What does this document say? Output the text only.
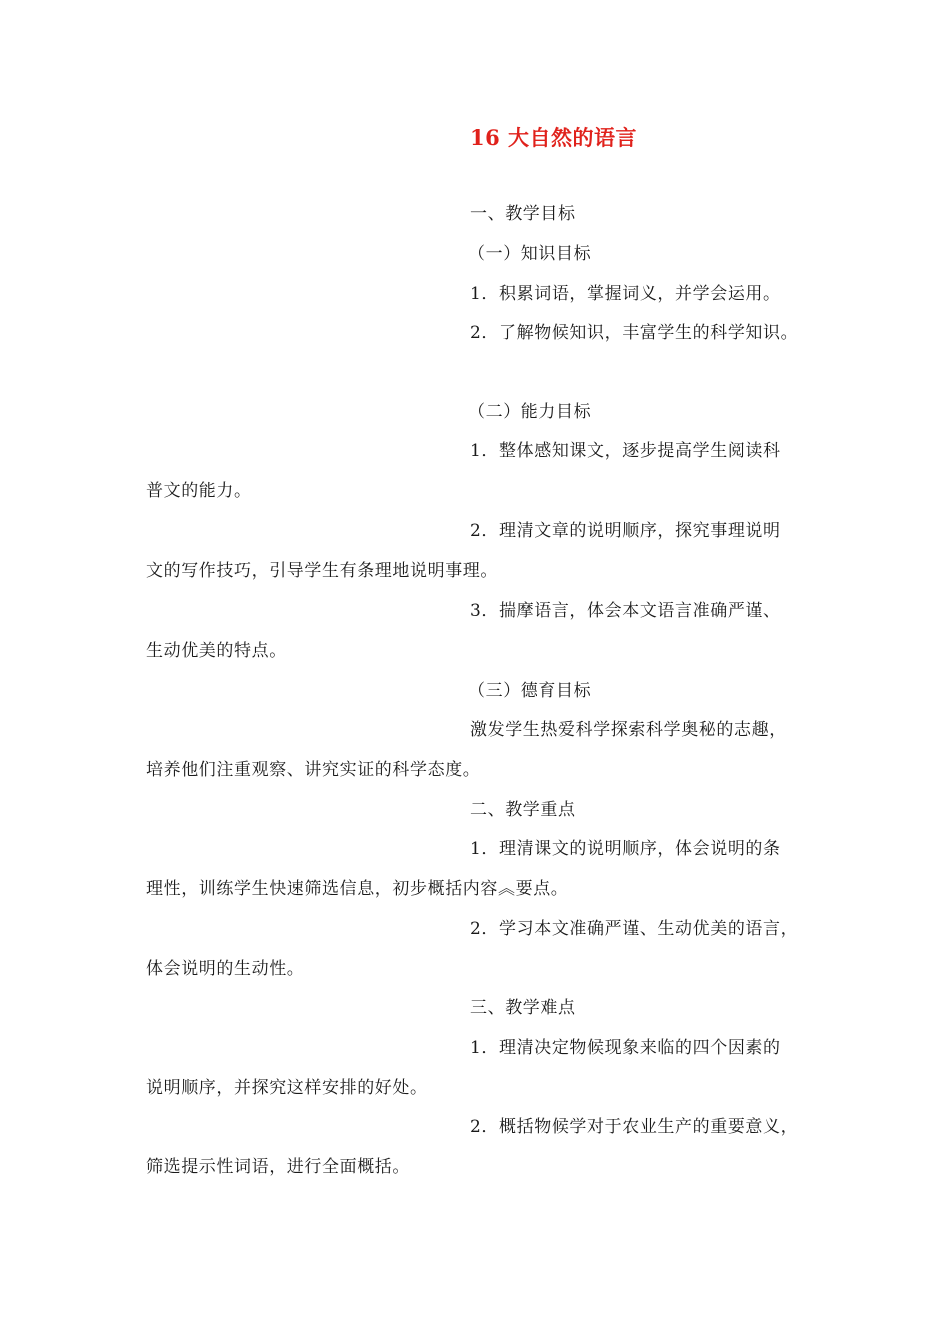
16 大自然的语言
一、教学目标
（一）知识目标
1．积累词语，掌握词义，并学会运用。
2．了解物候知识，丰富学生的科学知识。
（二）能力目标
1．整体感知课文，逐步提高学生阅读科
普文的能力。
2．理清文章的说明顺序，探究事理说明
文的写作技巧，引导学生有条理地说明事理。
3．揣摩语言，体会本文语言准确严谨、
生动优美的特点。
（三）德育目标
激发学生热爱科学探索科学奥秘的志趣，
培养他们注重观察、讲究实证的科学态度。
二、教学重点
1．理清课文的说明顺序，体会说明的条
理性，训练学生快速筛选信息，初步概括内容︽要点。
2．学习本文准确严谨、生动优美的语言，
体会说明的生动性。
三、教学难点
1．理清决定物候现象来临的四个因素的
说明顺序，并探究这样安排的好处。
2．概括物候学对于农业生产的重要意义，
筛选提示性词语，进行全面概括。
